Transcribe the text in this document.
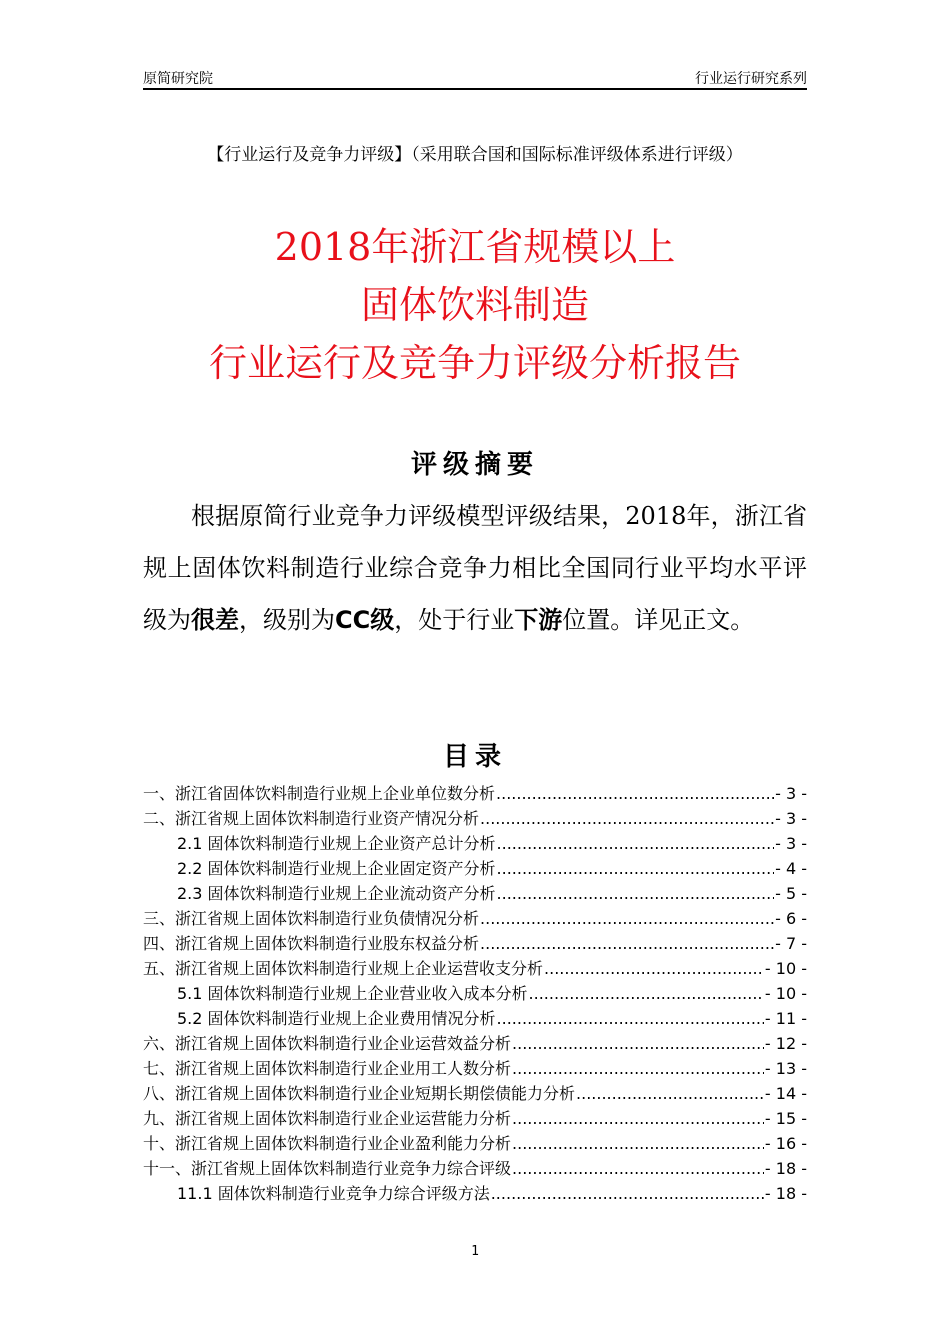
原简研究院	行业运行研究系列
【行业运行及竞争力评级】（采用联合国和国际标准评级体系进行评级）
2018年浙江省规模以上
固体饮料制造
行业运行及竞争力评级分析报告
评级摘要

根据原简行业竞争力评级模型评级结果，2018年，浙江省规上固体饮料制造行业综合竞争力相比全国同行业平均水平评级为很差，级别为CC级，处于行业下游位置。详见正文。

目录
一、浙江省固体饮料制造行业规上企业单位数分析 .....	- 3 -
二、浙江省规上固体饮料制造行业资产情况分析 .....	- 3 -
2.1 固体饮料制造行业规上企业资产总计分析 .....	- 3 -
2.2 固体饮料制造行业规上企业固定资产分析 .....	- 4 -
2.3 固体饮料制造行业规上企业流动资产分析 .....	- 5 -
三、浙江省规上固体饮料制造行业负债情况分析 .....	- 6 -
四、浙江省规上固体饮料制造行业股东权益分析 .....	- 7 -
五、浙江省规上固体饮料制造行业规上企业运营收支分析 .....	- 10 -
5.1 固体饮料制造行业规上企业营业收入成本分析 .....	- 10 -
5.2 固体饮料制造行业规上企业费用情况分析 .....	- 11 -
六、浙江省规上固体饮料制造行业企业运营效益分析 .....	- 12 -
七、浙江省规上固体饮料制造行业企业用工人数分析 .....	- 13 -
八、浙江省规上固体饮料制造行业企业短期长期偿债能力分析 .....	- 14 -
九、浙江省规上固体饮料制造行业企业运营能力分析 .....	- 15 -
十、浙江省规上固体饮料制造行业企业盈利能力分析 .....	- 16 -
十一、浙江省规上固体饮料制造行业竞争力综合评级 .....	- 18 -
11.1 固体饮料制造行业竞争力综合评级方法 .....	- 18 -
1
